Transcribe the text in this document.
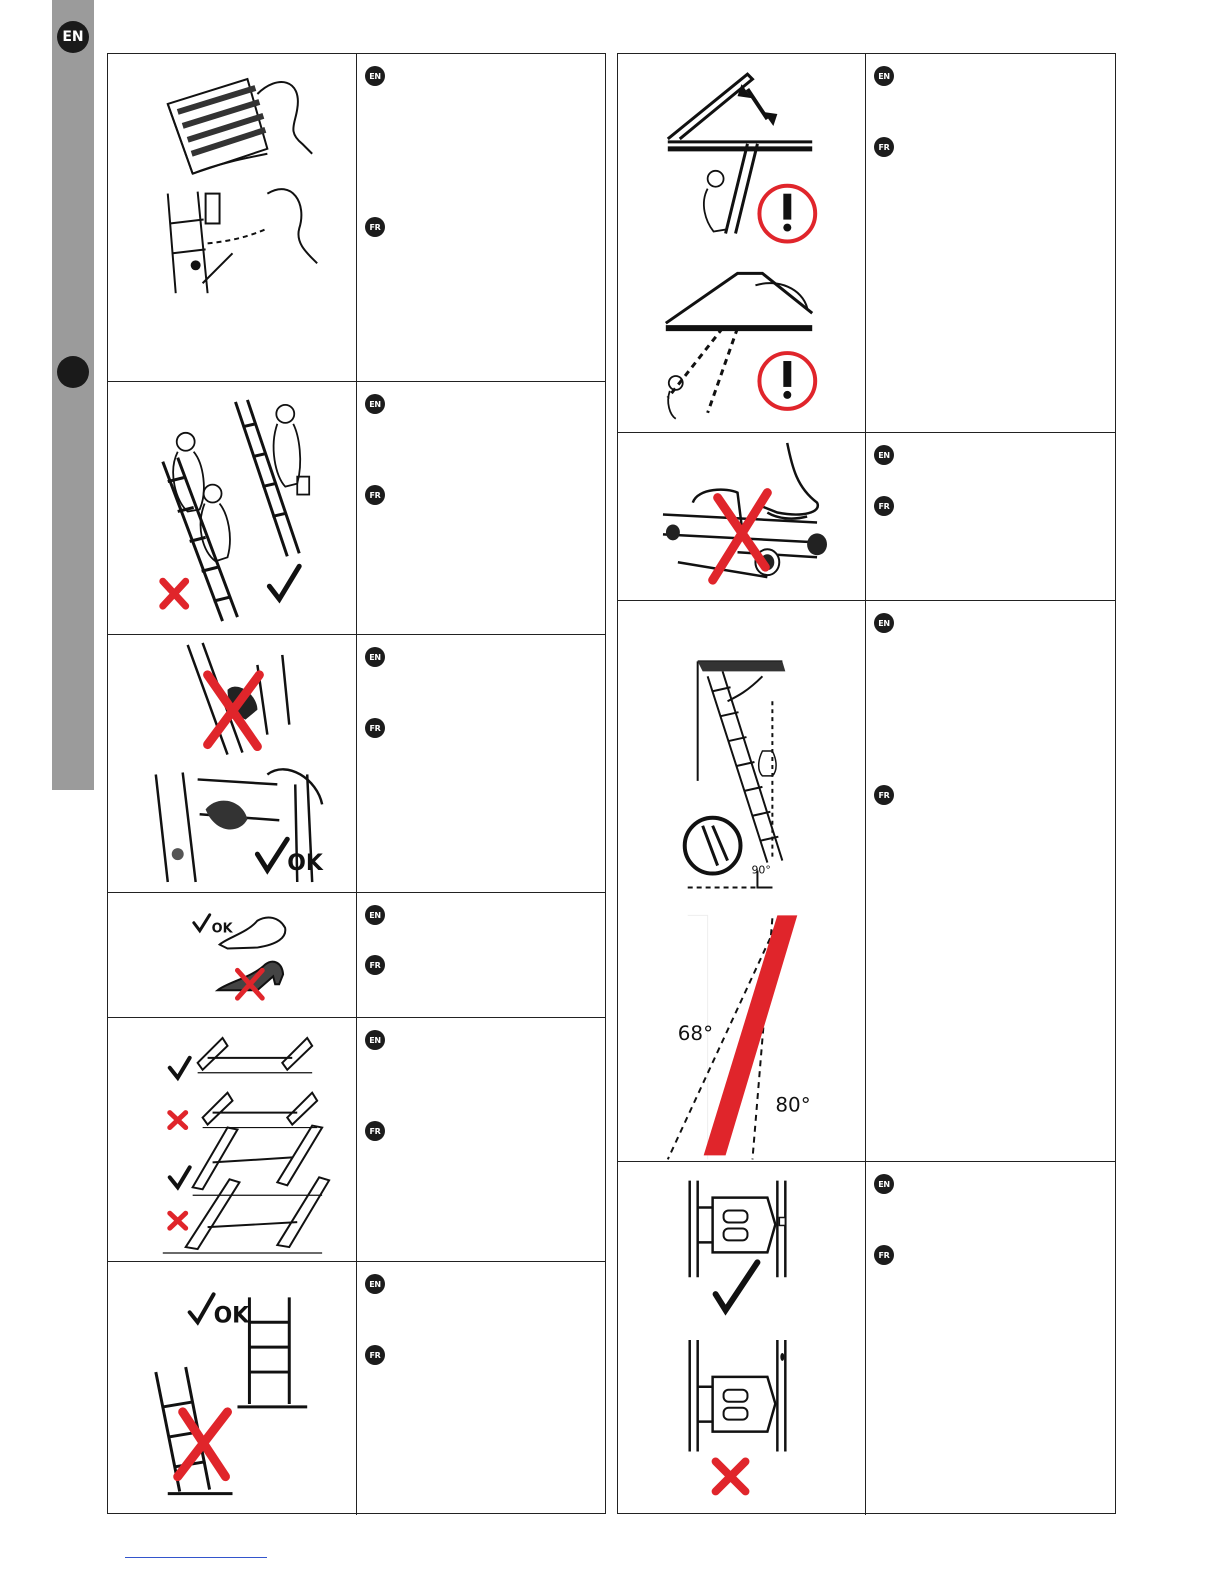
EN
EN
FR
EN
FR
OK
EN
FR
OK
EN
FR
EN
FR
OK
EN
FR
EN
FR
EN
FR
90°
68°
80°
EN
FR
EN
FR
